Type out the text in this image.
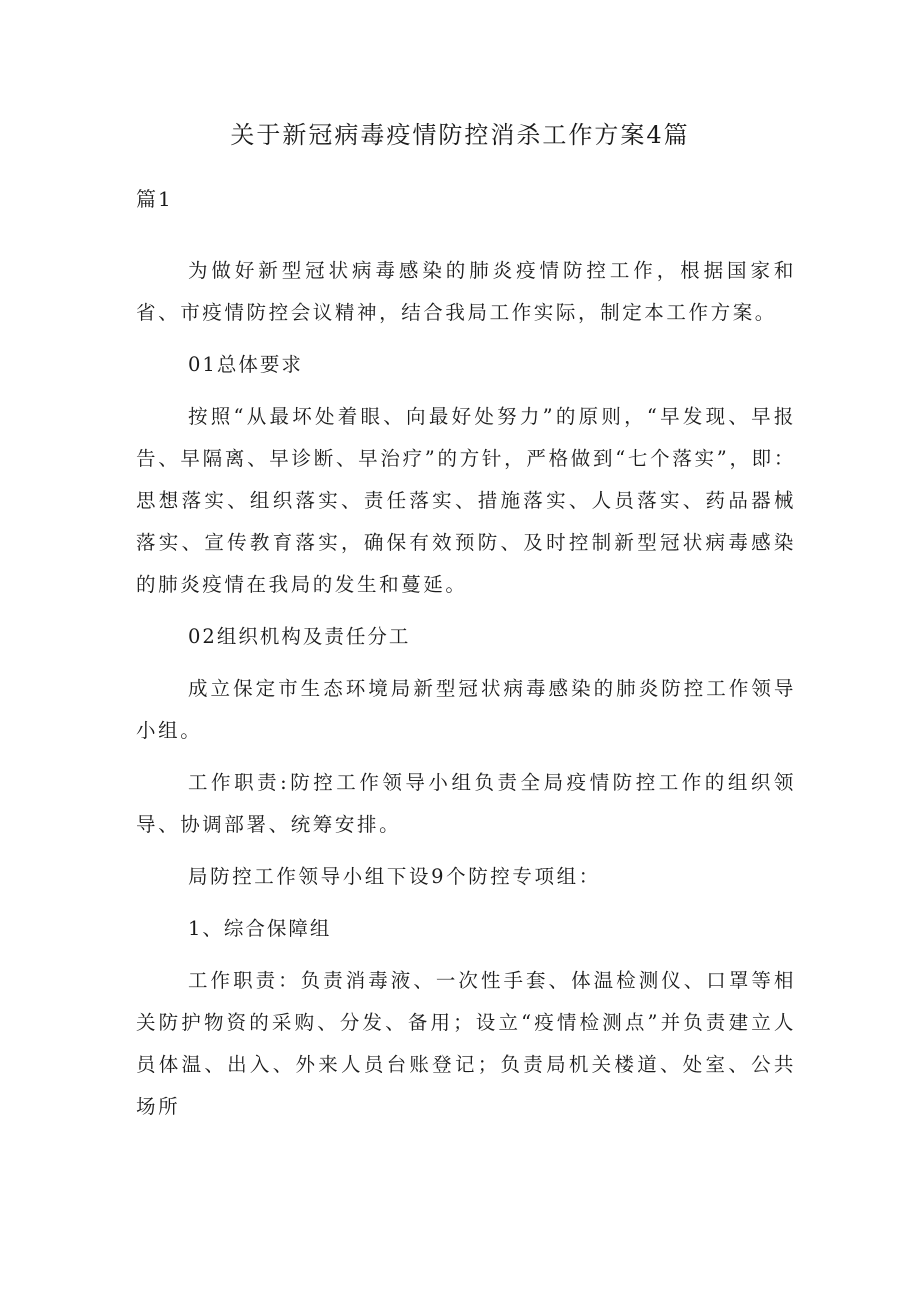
关于新冠病毒疫情防控消杀工作方案4篇
篇1

为做好新型冠状病毒感染的肺炎疫情防控工作，根据国家和省、市疫情防控会议精神，结合我局工作实际，制定本工作方案。

01总体要求

按照“从最坏处着眼、向最好处努力”的原则，“早发现、早报告、早隔离、早诊断、早治疗”的方针，严格做到“七个落实”，即：思想落实、组织落实、责任落实、措施落实、人员落实、药品器械落实、宣传教育落实，确保有效预防、及时控制新型冠状病毒感染的肺炎疫情在我局的发生和蔓延。

02组织机构及责任分工

成立保定市生态环境局新型冠状病毒感染的肺炎防控工作领导小组。

工作职责:防控工作领导小组负责全局疫情防控工作的组织领导、协调部署、统筹安排。

局防控工作领导小组下设9个防控专项组：

1、综合保障组

工作职责：负责消毒液、一次性手套、体温检测仪、口罩等相关防护物资的采购、分发、备用；设立“疫情检测点”并负责建立人员体温、出入、外来人员台账登记；负责局机关楼道、处室、公共场所
